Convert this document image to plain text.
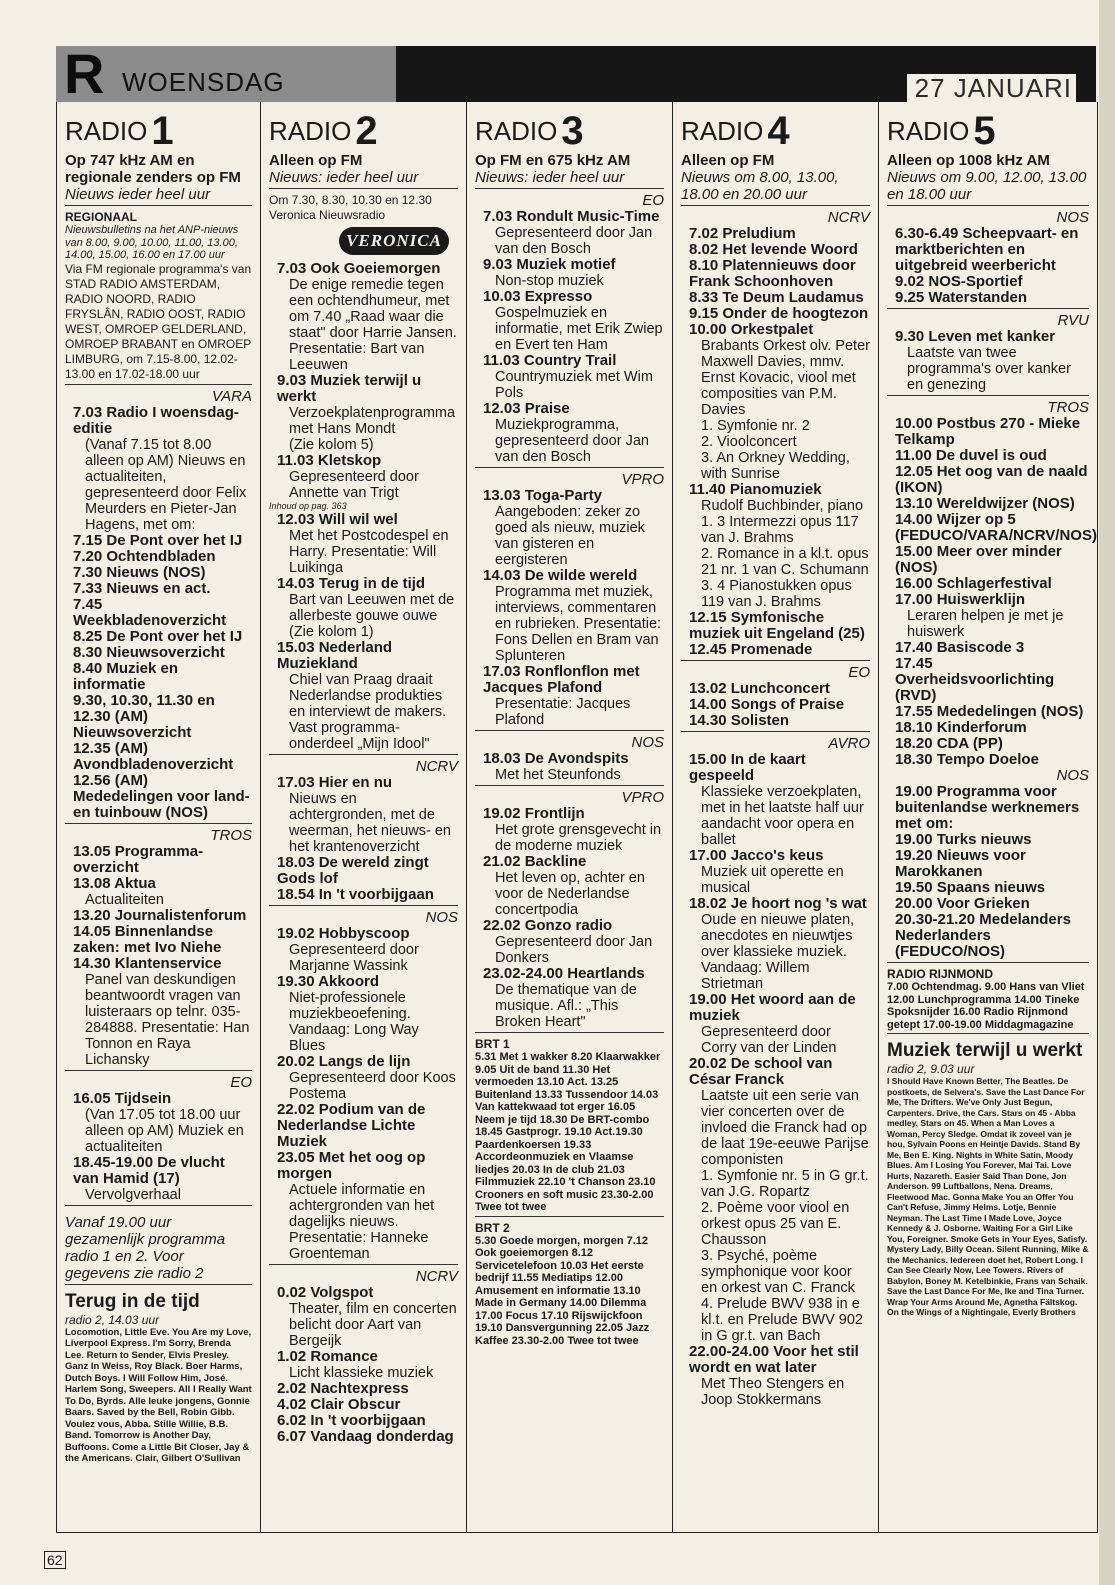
R WOENSDAG	27 JANUARI
RADIO 1
Op 747 kHz AM en regionale zenders op FM
Nieuws ieder heel uur
REGIONAAL
Nieuwsbulletins na het ANP-nieuws van 8.00, 9.00, 10.00, 11.00, 13.00, 14.00, 15.00, 16.00 en 17.00 uur
Via FM regionale programma's van STAD RADIO AMSTERDAM, RADIO NOORD, RADIO FRYSLÂN, RADIO OOST, RADIO WEST, OMROEP GELDERLAND, OMROEP BRABANT en OMROEP LIMBURG, om 7.15-8.00, 12.02-13.00 en 17.02-18.00 uur
VARA
7.03 Radio I woensdag-editie
(Vanaf 7.15 tot 8.00 alleen op AM) Nieuws en actualiteiten, gepresenteerd door Felix Meurders en Pieter-Jan Hagens, met om:
7.15 De Pont over het IJ
7.20 Ochtendbladen
7.30 Nieuws (NOS)
7.33 Nieuws en act.
7.45 Weekbladenoverzicht
8.25 De Pont over het IJ
8.30 Nieuwsoverzicht
8.40 Muziek en informatie
9.30, 10.30, 11.30 en 12.30 (AM) Nieuwsoverzicht
12.35 (AM) Avondbladenoverzicht
12.56 (AM) Mededelingen voor land- en tuinbouw (NOS)
TROS
13.05 Programma-overzicht
13.08 Aktua
Actualiteiten
13.20 Journalistenforum
14.05 Binnenlandse zaken: met Ivo Niehe
14.30 Klantenservice
Panel van deskundigen beantwoordt vragen van luisteraars op telnr. 035-284888. Presentatie: Han Tonnon en Raya Lichansky
EO
16.05 Tijdsein
(Van 17.05 tot 18.00 uur alleen op AM) Muziek en actualiteiten
18.45-19.00 De vlucht van Hamid (17)
Vervolgverhaal
Vanaf 19.00 uur gezamenlijk programma radio 1 en 2. Voor gegevens zie radio 2
Terug in de tijd
radio 2, 14.03 uur
Locomotion, Little Eve. You Are my Love, Liverpool Express. I'm Sorry, Brenda Lee. Return to Sender, Elvis Presley. Ganz In Weiss, Roy Black. Boer Harms, Dutch Boys. I Will Follow Him, José. Harlem Song, Sweepers. All I Really Want To Do, Byrds. Alle leuke jongens, Gonnie Baars. Saved by the Bell, Robin Gibb. Voulez vous, Abba. Stille Willie, B.B. Band. Tomorrow is Another Day, Buffoons. Come a Little Bit Closer, Jay & the Americans. Clair, Gilbert O'Sullivan
RADIO 2
Alleen op FM
Nieuws: ieder heel uur
Om 7.30, 8.30, 10.30 en 12.30 Veronica Nieuwsradio
VERONICA
7.03 Ook Goeiemorgen
De enige remedie tegen een ochtendhumeur, met om 7.40 „Raad waar die staat" door Harrie Jansen. Presentatie: Bart van Leeuwen
9.03 Muziek terwijl u werkt
Verzoekplatenprogramma met Hans Mondt
(Zie kolom 5)
11.03 Kletskop
Gepresenteerd door Annette van Trigt
Inhoud op pag. 363
12.03 Will wil wel
Met het Postcodespel en Harry. Presentatie: Will Luikinga
14.03 Terug in de tijd
Bart van Leeuwen met de allerbeste gouwe ouwe
(Zie kolom 1)
15.03 Nederland Muziekland
Chiel van Praag draait Nederlandse produkties en interviewt de makers. Vast programma-onderdeel „Mijn Idool"
NCRV
17.03 Hier en nu
Nieuws en achtergronden, met de weerman, het nieuws- en het krantenoverzicht
18.03 De wereld zingt Gods lof
18.54 In 't voorbijgaan
NOS
19.02 Hobbyscoop
Gepresenteerd door Marjanne Wassink
19.30 Akkoord
Niet-professionele muziekbeoefening. Vandaag: Long Way Blues
20.02 Langs de lijn
Gepresenteerd door Koos Postema
22.02 Podium van de Nederlandse Lichte Muziek
23.05 Met het oog op morgen
Actuele informatie en achtergronden van het dagelijks nieuws. Presentatie: Hanneke Groenteman
NCRV
0.02 Volgspot
Theater, film en concerten belicht door Aart van Bergeijk
1.02 Romance
Licht klassieke muziek
2.02 Nachtexpress
4.02 Clair Obscur
6.02 In 't voorbijgaan
6.07 Vandaag donderdag
RADIO 3
Op FM en 675 kHz AM
Nieuws: ieder heel uur
EO
7.03 Rondult Music-Time
Gepresenteerd door Jan van den Bosch
9.03 Muziek motief
Non-stop muziek
10.03 Expresso
Gospelmuziek en informatie, met Erik Zwiep en Evert ten Ham
11.03 Country Trail
Countrymuziek met Wim Pols
12.03 Praise
Muziekprogramma, gepresenteerd door Jan van den Bosch
VPRO
13.03 Toga-Party
Aangeboden: zeker zo goed als nieuw, muziek van gisteren en eergisteren
14.03 De wilde wereld
Programma met muziek, interviews, commentaren en rubrieken. Presentatie: Fons Dellen en Bram van Splunteren
17.03 Ronflonflon met Jacques Plafond
Presentatie: Jacques Plafond
NOS
18.03 De Avondspits
Met het Steunfonds
VPRO
19.02 Frontlijn
Het grote grensgevecht in de moderne muziek
21.02 Backline
Het leven op, achter en voor de Nederlandse concertpodia
22.02 Gonzo radio
Gepresenteerd door Jan Donkers
23.02-24.00 Heartlands
De thematique van de musique. Afl.: „This Broken Heart"
BRT 1
5.31 Met 1 wakker 8.20 Klaarwakker 9.05 Uit de band 11.30 Het vermoeden 13.10 Act. 13.25 Buitenland 13.33 Tussendoor 14.03 Van kattekwaad tot erger 16.05 Neem je tijd 18.30 De BRT-combo 18.45 Gastprogr. 19.10 Act.19.30 Paardenkoersen 19.33 Accordeonmuziek en Vlaamse liedjes 20.03 In de club 21.03 Filmmuziek 22.10 't Chanson 23.10 Crooners en soft music 23.30-2.00 Twee tot twee
BRT 2
5.30 Goede morgen, morgen 7.12 Ook goeiemorgen 8.12 Servicetelefoon 10.03 Het eerste bedrijf 11.55 Mediatips 12.00 Amusement en informatie 13.10 Made in Germany 14.00 Dilemma 17.00 Focus 17.10 Rijswijckfoon 19.10 Dansvergunning 22.05 Jazz Kaffee 23.30-2.00 Twee tot twee
RADIO 4
Alleen op FM
Nieuws om 8.00, 13.00, 18.00 en 20.00 uur
NCRV
7.02 Preludium
8.02 Het levende Woord
8.10 Platennieuws door Frank Schoonhoven
8.33 Te Deum Laudamus
9.15 Onder de hoogtezon
10.00 Orkestpalet
Brabants Orkest olv. Peter Maxwell Davies, mmv. Ernst Kovacic, viool met composities van P.M. Davies
1. Symfonie nr. 2
2. Vioolconcert
3. An Orkney Wedding, with Sunrise
11.40 Pianomuziek
Rudolf Buchbinder, piano
1. 3 Intermezzi opus 117 van J. Brahms
2. Romance in a kl.t. opus 21 nr. 1 van C. Schumann
3. 4 Pianostukken opus 119 van J. Brahms
12.15 Symfonische muziek uit Engeland (25)
12.45 Promenade
EO
13.02 Lunchconcert
14.00 Songs of Praise
14.30 Solisten
AVRO
15.00 In de kaart gespeeld
Klassieke verzoekplaten, met in het laatste half uur aandacht voor opera en ballet
17.00 Jacco's keus
Muziek uit operette en musical
18.02 Je hoort nog 's wat
Oude en nieuwe platen, anecdotes en nieuwtjes over klassieke muziek. Vandaag: Willem Strietman
19.00 Het woord aan de muziek
Gepresenteerd door Corry van der Linden
20.02 De school van César Franck
Laatste uit een serie van vier concerten over de invloed die Franck had op de laat 19e-eeuwe Parijse componisten
1. Symfonie nr. 5 in G gr.t. van J.G. Ropartz
2. Poème voor viool en orkest opus 25 van E. Chausson
3. Psyché, poème symphonique voor koor en orkest van C. Franck
4. Prelude BWV 938 in e kl.t. en Prelude BWV 902 in G gr.t. van Bach
22.00-24.00 Voor het stil wordt en wat later
Met Theo Stengers en Joop Stokkermans
RADIO 5
Alleen op 1008 kHz AM
Nieuws om 9.00, 12.00, 13.00 en 18.00 uur
NOS
6.30-6.49 Scheepvaart- en marktberichten en uitgebreid weerbericht
9.02 NOS-Sportief
9.25 Waterstanden
RVU
9.30 Leven met kanker
Laatste van twee programma's over kanker en genezing
TROS
10.00 Postbus 270 - Mieke Telkamp
11.00 De duvel is oud
12.05 Het oog van de naald (IKON)
13.10 Wereldwijzer (NOS)
14.00 Wijzer op 5 (FEDUCO/VARA/NCRV/NOS)
15.00 Meer over minder (NOS)
16.00 Schlagerfestival
17.00 Huiswerklijn
Leraren helpen je met je huiswerk
17.40 Basiscode 3
17.45 Overheidsvoorlichting (RVD)
17.55 Mededelingen (NOS)
18.10 Kinderforum
18.20 CDA (PP)
18.30 Tempo Doeloe
NOS
19.00 Programma voor buitenlandse werknemers met om:
19.00 Turks nieuws
19.20 Nieuws voor Marokkanen
19.50 Spaans nieuws
20.00 Voor Grieken
20.30-21.20 Medelanders Nederlanders (FEDUCO/NOS)
RADIO RIJNMOND
7.00 Ochtendmag. 9.00 Hans van Vliet 12.00 Lunchprogramma 14.00 Tineke Spoksnijder 16.00 Radio Rijnmond getept 17.00-19.00 Middagmagazine
Muziek terwijl u werkt
radio 2, 9.03 uur
I Should Have Known Better, The Beatles. De postkoets, de Selvera's. Save the Last Dance For Me, The Drifters. We've Only Just Begun, Carpenters. Drive, the Cars. Stars on 45 - Abba medley, Stars on 45. When a Man Loves a Woman, Percy Sledge. Omdat ik zoveel van je hou, Sylvain Poons en Heintje Davids. Stand By Me, Ben E. King. Nights in White Satin, Moody Blues. Am I Losing You Forever, Mai Tai. Love Hurts, Nazareth. Easier Said Than Done, Jon Anderson. 99 Luftballons, Nena. Dreams, Fleetwood Mac. Gonna Make You an Offer You Can't Refuse, Jimmy Helms. Lotje, Bennie Neyman. The Last Time I Made Love, Joyce Kennedy & J. Osborne. Waiting For a Girl Like You, Foreigner. Smoke Gets in Your Eyes, Satisfy. Mystery Lady, Billy Ocean. Silent Running, Mike & the Mechanics. Iedereen doet het, Robert Long. I Can See Clearly Now, Lee Towers. Rivers of Babylon, Boney M. Ketelbinkie, Frans van Schaik. Save the Last Dance For Me, Ike and Tina Turner. Wrap Your Arms Around Me, Agnetha Fältskog. On the Wings of a Nightingale, Everly Brothers
62
